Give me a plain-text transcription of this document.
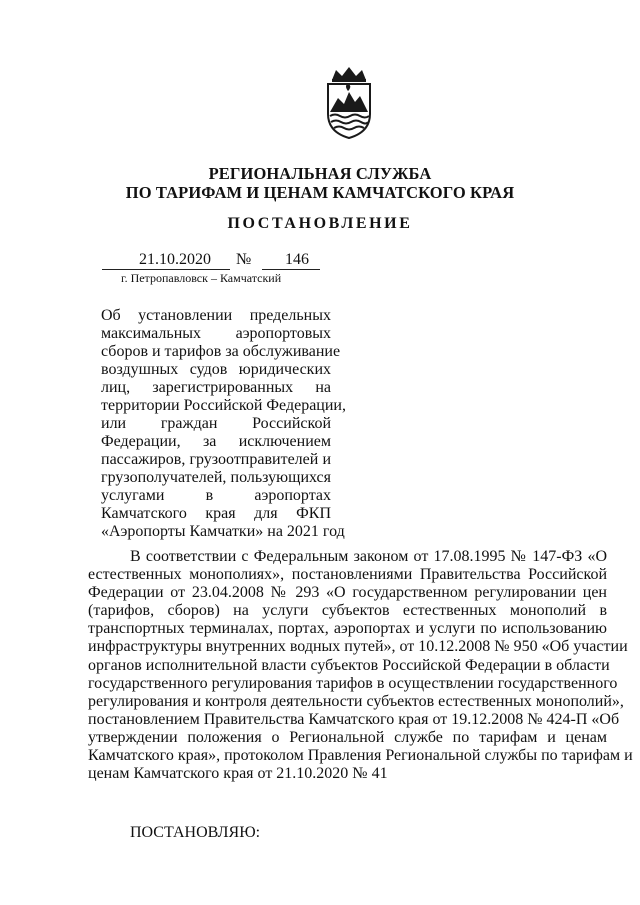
РЕГИОНАЛЬНАЯ СЛУЖБА
ПО ТАРИФАМ И ЦЕНАМ КАМЧАТСКОГО КРАЯ
ПОСТАНОВЛЕНИЕ
21.10.2020 № 146
г. Петропавловск – Камчатский
Об установлении предельных
максимальных аэропортовых
сборов и тарифов за обслуживание
воздушных судов юридических
лиц, зарегистрированных на
территории Российской Федерации,
или граждан Российской
Федерации, за исключением
пассажиров, грузоотправителей и
грузополучателей, пользующихся
услугами в аэропортах
Камчатского края для ФКП
«Аэропорты Камчатки» на 2021 год
В соответствии с Федеральным законом от 17.08.1995 № 147-ФЗ «О
естественных монополиях», постановлениями Правительства Российской
Федерации от 23.04.2008 № 293 «О государственном регулировании цен
(тарифов, сборов) на услуги субъектов естественных монополий в
транспортных терминалах, портах, аэропортах и услуги по использованию
инфраструктуры внутренних водных путей», от 10.12.2008 № 950 «Об участии
органов исполнительной власти субъектов Российской Федерации в области
государственного регулирования тарифов в осуществлении государственного
регулирования и контроля деятельности субъектов естественных монополий»,
постановлением Правительства Камчатского края от 19.12.2008 № 424-П «Об
утверждении положения о Региональной службе по тарифам и ценам
Камчатского края», протоколом Правления Региональной службы по тарифам и
ценам Камчатского края от 21.10.2020 № 41
ПОСТАНОВЛЯЮ:
